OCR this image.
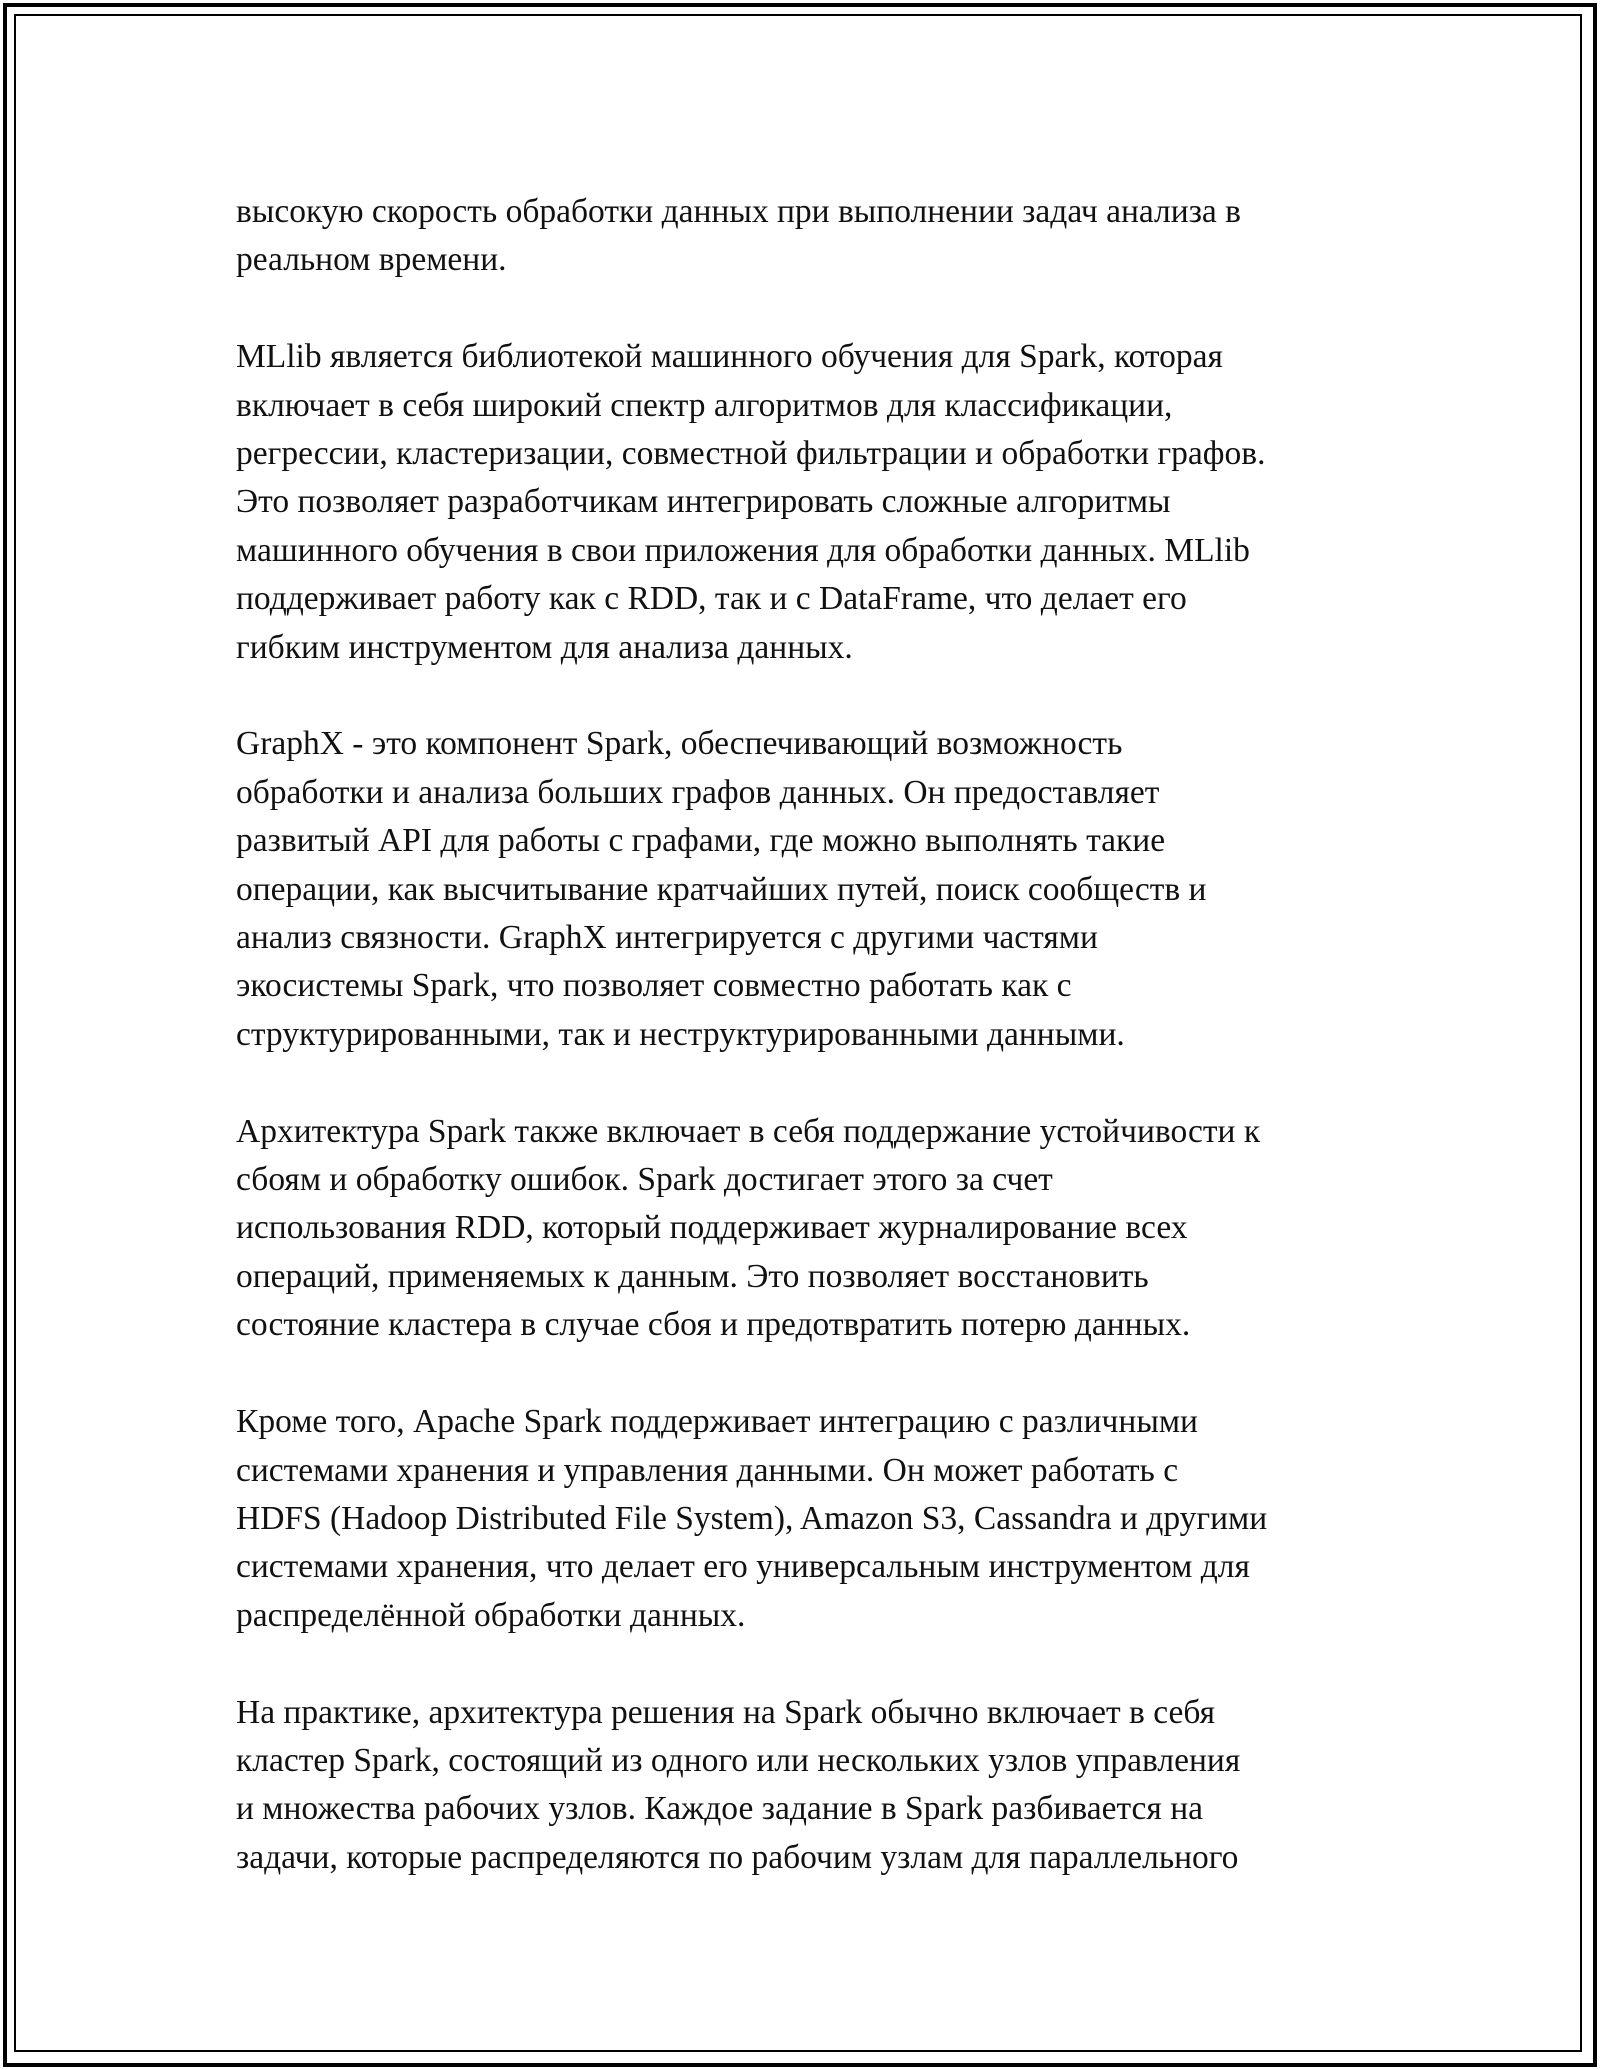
высокую скорость обработки данных при выполнении задач анализа в
реальном времени.

MLlib является библиотекой машинного обучения для Spark, которая
включает в себя широкий спектр алгоритмов для классификации,
регрессии, кластеризации, совместной фильтрации и обработки графов.
Это позволяет разработчикам интегрировать сложные алгоритмы
машинного обучения в свои приложения для обработки данных. MLlib
поддерживает работу как с RDD, так и с DataFrame, что делает его
гибким инструментом для анализа данных.

GraphX - это компонент Spark, обеспечивающий возможность
обработки и анализа больших графов данных. Он предоставляет
развитый API для работы с графами, где можно выполнять такие
операции, как высчитывание кратчайших путей, поиск сообществ и
анализ связности. GraphX интегрируется с другими частями
экосистемы Spark, что позволяет совместно работать как с
структурированными, так и неструктурированными данными.

Архитектура Spark также включает в себя поддержание устойчивости к
сбоям и обработку ошибок. Spark достигает этого за счет
использования RDD, который поддерживает журналирование всех
операций, применяемых к данным. Это позволяет восстановить
состояние кластера в случае сбоя и предотвратить потерю данных.

Кроме того, Apache Spark поддерживает интеграцию с различными
системами хранения и управления данными. Он может работать с
HDFS (Hadoop Distributed File System), Amazon S3, Cassandra и другими
системами хранения, что делает его универсальным инструментом для
распределённой обработки данных.

На практике, архитектура решения на Spark обычно включает в себя
кластер Spark, состоящий из одного или нескольких узлов управления
и множества рабочих узлов. Каждое задание в Spark разбивается на
задачи, которые распределяются по рабочим узлам для параллельного
